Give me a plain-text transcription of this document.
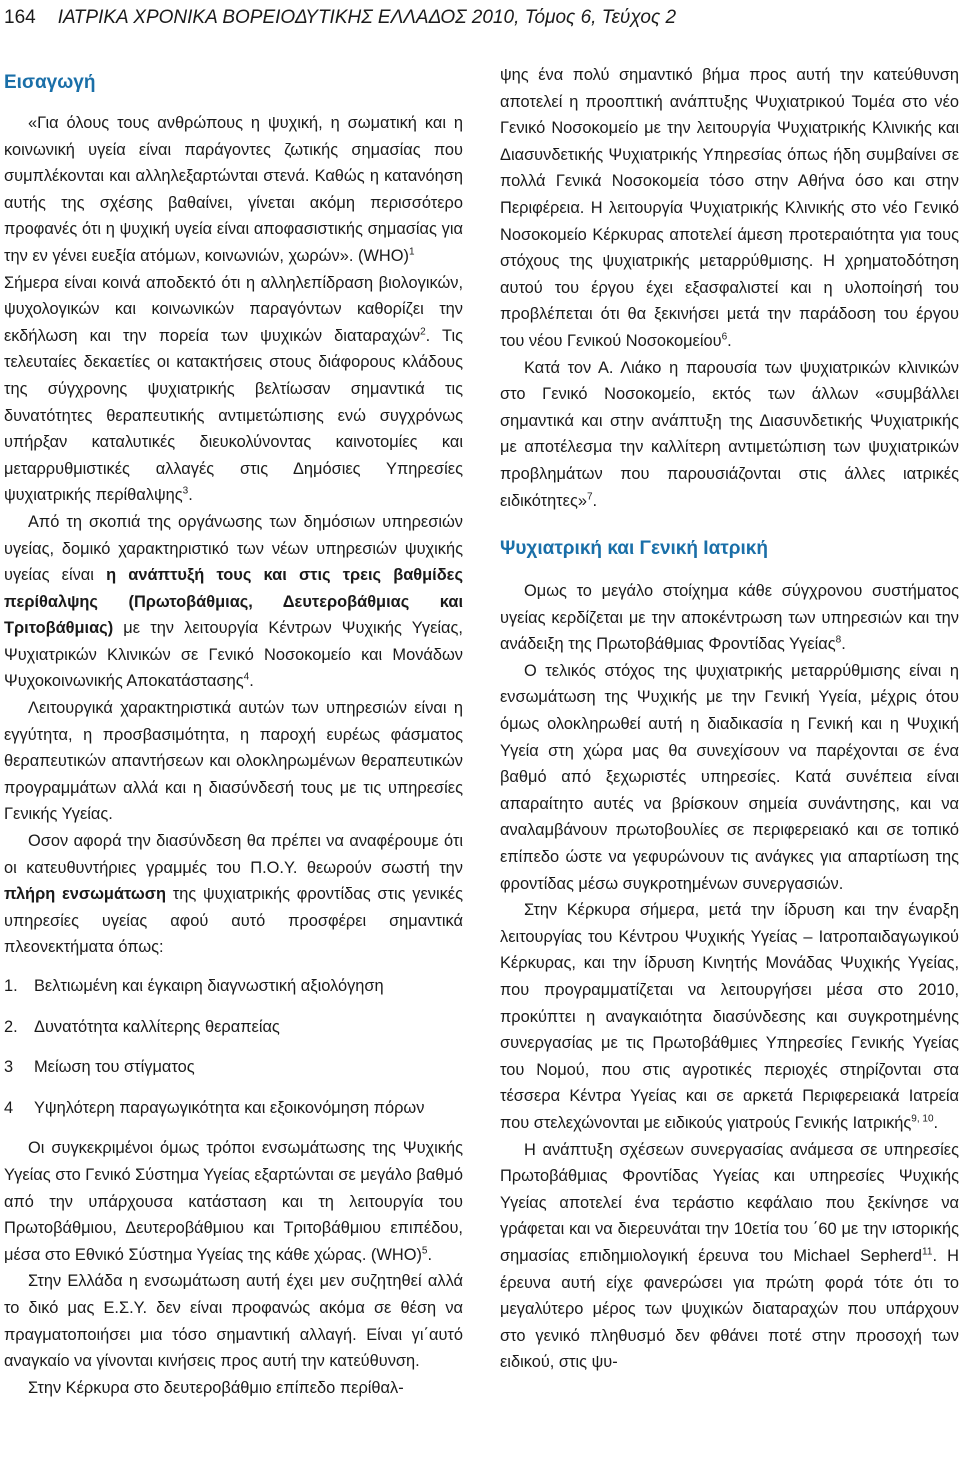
164 ΙΑΤΡΙΚΑ ΧΡΟΝΙΚΑ ΒΟΡΕΙΟΔΥΤΙΚΗΣ ΕΛΛΑΔΟΣ 2010, Τόμος 6, Τεύχος 2
Εισαγωγή

«Για όλους τους ανθρώπους η ψυχική, η σωματική και η κοινωνική υγεία είναι παράγοντες ζωτικής σημασίας που συμπλέκονται και αλληλεξαρτώνται στενά. Καθώς η κατανόηση αυτής της σχέσης βαθαίνει, γίνεται ακόμη περισσότερο προφανές ότι η ψυχική υγεία είναι αποφασιστικής σημασίας για την εν γένει ευεξία ατόμων, κοινωνιών, χωρών». (WHO)$^1$

Σήμερα είναι κοινά αποδεκτό ότι η αλληλεπίδραση βιολογικών, ψυχολογικών και κοινωνικών παραγόντων καθορίζει την εκδήλωση και την πορεία των ψυχικών διαταραχών$^2$. Τις τελευταίες δεκαετίες οι κατακτήσεις στους διάφορους κλάδους της σύγχρονης ψυχιατρικής βελτίωσαν σημαντικά τις δυνατότητες θεραπευτικής αντιμετώπισης ενώ συγχρόνως υπήρξαν καταλυτικές διευκολύνοντας καινοτομίες και μεταρρυθμιστικές αλλαγές στις Δημόσιες Υπηρεσίες ψυχιατρικής περίθαλψης$^3$.

Από τη σκοπιά της οργάνωσης των δημόσιων υπηρεσιών υγείας, δομικό χαρακτηριστικό των νέων υπηρεσιών ψυχικής υγείας είναι η ανάπτυξή τους και στις τρεις βαθμίδες περίθαλψης (Πρωτοβάθμιας, Δευτεροβάθμιας και Τριτοβάθμιας) με την λειτουργία Κέντρων Ψυχικής Υγείας, Ψυχιατρικών Κλινικών σε Γενικό Νοσοκομείο και Μονάδων Ψυχοκοινωνικής Αποκατάστασης$^4$.

Λειτουργικά χαρακτηριστικά αυτών των υπηρεσιών είναι η εγγύτητα, η προσβασιμότητα, η παροχή ευρέως φάσματος θεραπευτικών απαντήσεων και ολοκληρωμένων θεραπευτικών προγραμμάτων αλλά και η διασύνδεσή τους με τις υπηρεσίες Γενικής Υγείας.

Οσον αφορά την διασύνδεση θα πρέπει να αναφέρουμε ότι οι κατευθυντήριες γραμμές του Π.Ο.Υ. θεωρούν σωστή την πλήρη ενσωμάτωση της ψυχιατρικής φροντίδας στις γενικές υπηρεσίες υγείας αφού αυτό προσφέρει σημαντικά πλεονεκτήματα όπως:

1. Βελτιωμένη και έγκαιρη διαγνωστική αξιολόγηση
2. Δυνατότητα καλλίτερης θεραπείας
3	Μείωση του στίγματος
4	Υψηλότερη παραγωγικότητα και εξοικονόμηση πόρων

Οι συγκεκριμένοι όμως τρόποι ενσωμάτωσης της Ψυχικής Υγείας στο Γενικό Σύστημα Υγείας εξαρτώνται σε μεγάλο βαθμό από την υπάρχουσα κατάσταση και τη λειτουργία του Πρωτοβάθμιου, Δευτεροβάθμιου και Τριτοβάθμιου επιπέδου, μέσα στο Εθνικό Σύστημα Υγείας της κάθε χώρας. (WHO)$^5$.

Στην Ελλάδα η ενσωμάτωση αυτή έχει μεν συζητηθεί αλλά το δικό μας Ε.Σ.Υ. δεν είναι προφανώς ακόμα σε θέση να πραγματοποιήσει μια τόσο σημαντική αλλαγή. Είναι γι΄αυτό αναγκαίο να γίνονται κινήσεις προς αυτή την κατεύθυνση.

Στην Κέρκυρα στο δευτεροβάθμιο επίπεδο περίθαλ-

ψης ένα πολύ σημαντικό βήμα προς αυτή την κατεύθυνση αποτελεί η προοπτική ανάπτυξης Ψυχιατρικού Τομέα στο νέο Γενικό Νοσοκομείο με την λειτουργία Ψυχιατρικής Κλινικής και Διασυνδετικής Ψυχιατρικής Υπηρεσίας όπως ήδη συμβαίνει σε πολλά Γενικά Νοσοκομεία τόσο στην Αθήνα όσο και στην Περιφέρεια. Η λειτουργία Ψυχιατρικής Κλινικής στο νέο Γενικό Νοσοκομείο Κέρκυρας αποτελεί άμεση προτεραιότητα για τους στόχους της ψυχιατρικής μεταρρύθμισης. Η χρηματοδότηση αυτού του έργου έχει εξασφαλιστεί και η υλοποίησή του προβλέπεται ότι θα ξεκινήσει μετά την παράδοση του έργου του νέου Γενικού Νοσοκομείου$^6$.

Κατά τον Α. Λιάκο η παρουσία των ψυχιατρικών κλινικών στο Γενικό Νοσοκομείο, εκτός των άλλων «συμβάλλει σημαντικά και στην ανάπτυξη της Διασυνδετικής Ψυχιατρικής με αποτέλεσμα την καλλίτερη αντιμετώπιση των ψυχιατρικών προβλημάτων που παρουσιάζονται στις άλλες ιατρικές ειδικότητες»$^7$.

Ψυχιατρική και Γενική Ιατρική

Ομως το μεγάλο στοίχημα κάθε σύγχρονου συστήματος υγείας κερδίζεται με την αποκέντρωση των υπηρεσιών και την ανάδειξη της Πρωτοβάθμιας Φροντίδας Υγείας$^8$.

Ο τελικός στόχος της ψυχιατρικής μεταρρύθμισης είναι η ενσωμάτωση της Ψυχικής με την Γενική Υγεία, μέχρις ότου όμως ολοκληρωθεί αυτή η διαδικασία η Γενική και η Ψυχική Υγεία στη χώρα μας θα συνεχίσουν να παρέχονται σε ένα βαθμό από ξεχωριστές υπηρεσίες. Κατά συνέπεια είναι απαραίτητο αυτές να βρίσκουν σημεία συνάντησης, και να αναλαμβάνουν πρωτοβουλίες σε περιφερειακό και σε τοπικό επίπεδο ώστε να γεφυρώνουν τις ανάγκες για απαρτίωση της φροντίδας μέσω συγκροτημένων συνεργασιών.

Στην Κέρκυρα σήμερα, μετά την ίδρυση και την έναρξη λειτουργίας του Κέντρου Ψυχικής Υγείας – Ιατροπαιδαγωγικού Κέρκυρας, και την ίδρυση Κινητής Μονάδας Ψυχικής Υγείας, που προγραμματίζεται να λειτουργήσει μέσα στο 2010, προκύπτει η αναγκαιότητα διασύνδεσης και συγκροτημένης συνεργασίας με τις Πρωτοβάθμιες Υπηρεσίες Γενικής Υγείας του Νομού, που στις αγροτικές περιοχές στηρίζονται στα τέσσερα Κέντρα Υγείας και σε αρκετά Περιφερειακά Ιατρεία που στελεχώνονται με ειδικούς γιατρούς Γενικής Ιατρικής$^{9, 10}$.

Η ανάπτυξη σχέσεων συνεργασίας ανάμεσα σε υπηρεσίες Πρωτοβάθμιας Φροντίδας Υγείας και υπηρεσίες Ψυχικής Υγείας αποτελεί ένα τεράστιο κεφάλαιο που ξεκίνησε να γράφεται και να διερευνάται την 10ετία του ΄60 με την ιστορικής σημασίας επιδημιολογική έρευνα του Michael Sepherd$^{11}$. Η έρευνα αυτή είχε φανερώσει για πρώτη φορά τότε ότι το μεγαλύτερο μέρος των ψυχικών διαταραχών που υπάρχουν στο γενικό πληθυσμό δεν φθάνει ποτέ στην προσοχή των ειδικού, στις ψυ-
